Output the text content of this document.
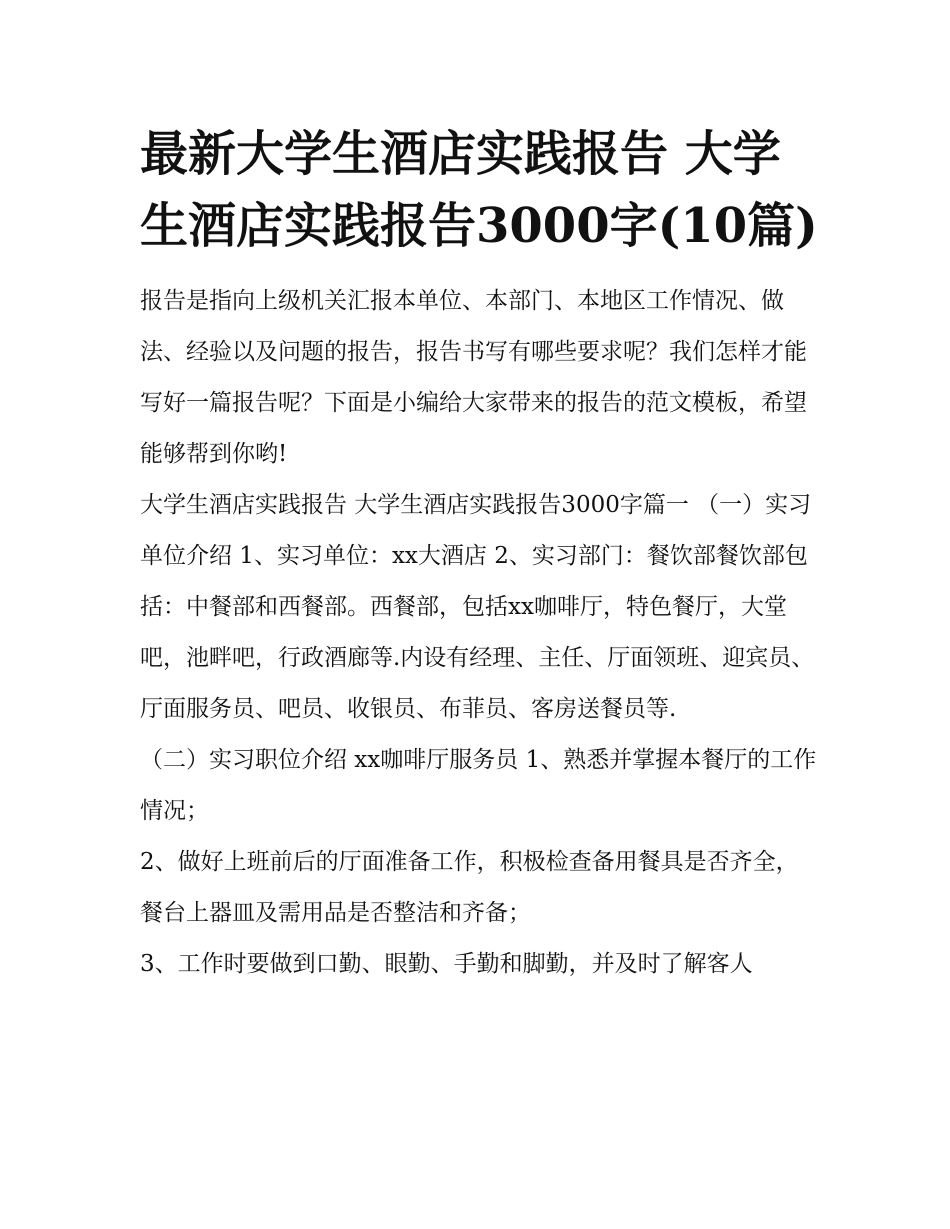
最新大学生酒店实践报告 大学生酒店实践报告3000字(10篇)

报告是指向上级机关汇报本单位、本部门、本地区工作情况、做法、经验以及问题的报告，报告书写有哪些要求呢？我们怎样才能写好一篇报告呢？下面是小编给大家带来的报告的范文模板，希望能够帮到你哟!

大学生酒店实践报告 大学生酒店实践报告3000字篇一 （一）实习单位介绍 1、实习单位：xx大酒店 2、实习部门：餐饮部餐饮部包括：中餐部和西餐部。西餐部，包括xx咖啡厅，特色餐厅，大堂吧，池畔吧，行政酒廊等.内设有经理、主任、厅面领班、迎宾员、厅面服务员、吧员、收银员、布菲员、客房送餐员等.

（二）实习职位介绍 xx咖啡厅服务员 1、熟悉并掌握本餐厅的工作情况；

2、做好上班前后的厅面准备工作，积极检查备用餐具是否齐全，餐台上器皿及需用品是否整洁和齐备；

3、工作时要做到口勤、眼勤、手勤和脚勤，并及时了解客人
